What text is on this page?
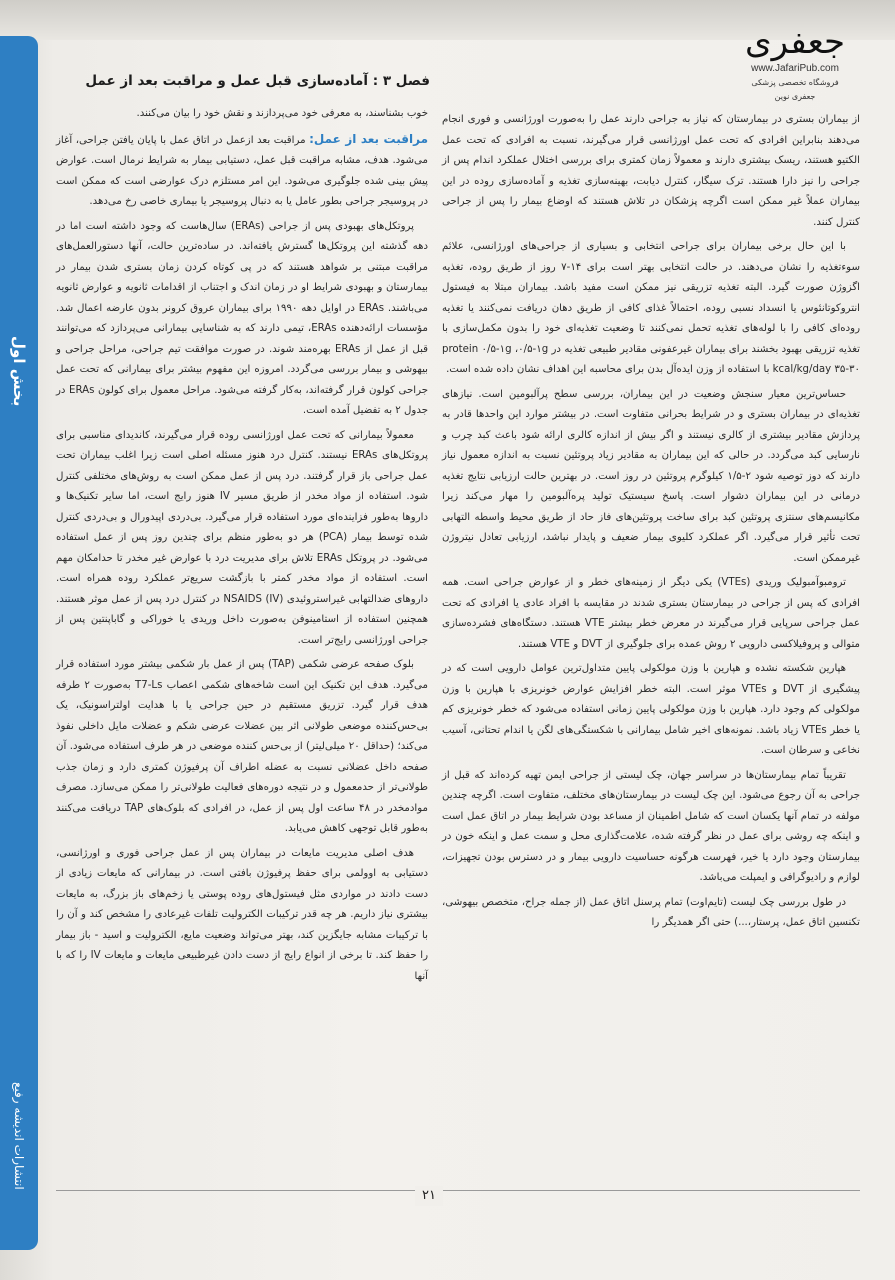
بخش اول
انتشارات اندیشه رفیع
جعفری
www.JafariPub.com
فروشگاه تخصصی پزشکی جعفری نوین
فصل ۳ : آماده‌سازی قبل عمل و مراقبت بعد از عمل

از بیماران بستری در بیمارستان که نیاز به جراحی دارند عمل را به‌صورت اورژانسی و فوری انجام می‌دهند بنابراین افرادی که تحت عمل اورژانسی قرار می‌گیرند، نسبت به افرادی که تحت عمل الکتیو هستند، ریسک بیشتری دارند و معمولاً زمان کمتری برای بررسی اختلال عملکرد اندام پس از جراحی را نیز دارا هستند. ترک سیگار، کنترل دیابت، بهینه‌سازی تغذیه و آماده‌سازی روده در این بیماران عملاً غیر ممکن است اگرچه پزشکان در تلاش هستند که اوضاع بیمار را پس از جراحی کنترل کنند.

با این حال برخی بیماران برای جراحی انتخابی و بسیاری از جراحی‌های اورژانسی، علائم سوءتغذیه را نشان می‌دهند. در حالت انتخابی بهتر است برای ۱۴-۷ روز از طریق روده، تغذیه اگزوژن صورت گیرد. البته تغذیه تزریقی نیز ممکن است مفید باشد. بیماران مبتلا به فیستول انتروکوتانئوس یا انسداد نسبی روده، احتمالاً غذای کافی از طریق دهان دریافت نمی‌کنند یا تغذیه روده‌ای کافی را با لوله‌های تغذیه تحمل نمی‌کنند تا وضعیت تغذیه‌ای خود را بدون مکمل‌سازی با تغذیه تزریقی بهبود بخشند برای بیماران غیرعفونی مقادیر طبیعی تغذیه در protein ۰/۵-۱g ،۰/۵-۱g kcal/kg/day ۳۵-۳۰ با استفاده از وزن ایده‌آل بدن برای محاسبه این اهداف نشان داده شده است.

حساس‌ترین معیار سنجش وضعیت در این بیماران، بررسی سطح پرآلبومین است. نیازهای تغذیه‌ای در بیماران بستری و در شرایط بحرانی متفاوت است. در بیشتر موارد این واحدها قادر به پردازش مقادیر بیشتری از کالری نیستند و اگر بیش از اندازه کالری ارائه شود باعث کبد چرب و نارسایی کبد می‌گردد. در حالی که این بیماران به مقادیر زیاد پروتئین نسبت به اندازه معمول نیاز دارند که دوز توصیه شود ۲-۱/۵ کیلوگرم پروتئین در روز است. در بهترین حالت ارزیابی نتایج تغذیه درمانی در این بیماران دشوار است. پاسخ سیستیک تولید پره‌آلبومین را مهار می‌کند زیرا مکانیسم‌های سنتزی پروتئین کبد برای ساخت پروتئین‌های فاز حاد از طریق محیط واسطه التهابی تحت تأثیر قرار می‌گیرد. اگر عملکرد کلیوی بیمار ضعیف و پایدار نباشد، ارزیابی تعادل نیتروژن غیرممکن است.

ترومبوآمبولیک وریدی (VTEs) یکی دیگر از زمینه‌های خطر و از عوارض جراحی است. همه افرادی که پس از جراحی در بیمارستان بستری شدند در مقایسه با افراد عادی یا افرادی که تحت عمل جراحی سرپایی قرار می‌گیرند در معرض خطر بیشتر VTE هستند. دستگاه‌های فشرده‌سازی متوالی و پروفیلاکسی دارویی ۲ روش عمده برای جلوگیری از DVT و VTE هستند.

هپارین شکسته نشده و هپارین با وزن مولکولی پایین متداول‌ترین عوامل دارویی است که در پیشگیری از DVT و VTEs موثر است. البته خطر افزایش عوارض خونریزی با هپارین با وزن مولکولی کم وجود دارد. هپارین با وزن مولکولی پایین زمانی استفاده می‌شود که خطر خونریزی کم یا خطر VTEs زیاد باشد. نمونه‌های اخیر شامل بیمارانی با شکستگی‌های لگن یا اندام تحتانی، آسیب نخاعی و سرطان است.

تقریباً تمام بیمارستان‌ها در سراسر جهان، چک لیستی از جراحی ایمن تهیه کرده‌اند که قبل از جراحی به آن رجوع می‌شود. این چک لیست در بیمارستان‌های مختلف، متفاوت است. اگرچه چندین مولفه در تمام آنها یکسان است که شامل اطمینان از مساعد بودن شرایط بیمار در اتاق عمل است و اینکه چه روشی برای عمل در نظر گرفته شده، علامت‌گذاری محل و سمت عمل و اینکه خون در بیمارستان وجود دارد یا خیر، فهرست هرگونه حساسیت دارویی بیمار و در دسترس بودن تجهیزات، لوازم و رادیوگرافی و ایمپلت می‌باشد.

در طول بررسی چک لیست (تایم‌اوت) تمام پرسنل اتاق عمل (از جمله جراح، متخصص بیهوشی، تکنسین اتاق عمل، پرستار،...) حتی اگر همدیگر را

خوب بشناسند، به معرفی خود می‌پردازند و نقش خود را بیان می‌کنند.

مراقبت بعد از عمل: مراقبت بعد ازعمل در اتاق عمل با پایان یافتن جراحی، آغاز می‌شود. هدف، مشابه مراقبت قبل عمل، دستیابی بیمار به شرایط نرمال است. عوارض پیش بینی شده جلوگیری می‌شود. این امر مستلزم درک عوارضی است که ممکن است در پروسیجر جراحی بطور عامل یا به دنبال پروسیجر یا بیماری خاصی رخ می‌دهد.

پروتکل‌های بهبودی پس از جراحی (ERAs) سال‌هاست که وجود داشته است اما در دهه گذشته این پروتکل‌ها گسترش یافته‌اند. در ساده‌ترین حالت، آنها دستورالعمل‌های مراقبت مبتنی بر شواهد هستند که در پی کوتاه کردن زمان بستری شدن بیمار در بیمارستان و بهبودی شرایط او در زمان اندک و اجتناب از اقدامات ثانویه و عوارض ثانویه می‌باشند. ERAs در اوایل دهه ۱۹۹۰ برای بیماران عروق کرونر بدون عارضه اعمال شد. مؤسسات ارائه‌دهنده ERAs، تیمی دارند که به شناسایی بیمارانی می‌پردازد که می‌توانند قبل از عمل از ERAs بهره‌مند شوند. در صورت موافقت تیم جراحی، مراحل جراحی و بیهوشی و بیمار بررسی می‌گردد. امروزه این مفهوم بیشتر برای بیمارانی که تحت عمل جراحی کولون قرار گرفته‌اند، به‌کار گرفته می‌شود. مراحل معمول برای کولون ERAs در جدول ۲ به تفضیل آمده است.

معمولاً بیمارانی که تحت عمل اورژانسی روده قرار می‌گیرند، کاندیدای مناسبی برای پروتکل‌های ERAs نیستند. کنترل درد هنوز مسئله اصلی است زیرا اغلب بیماران تحت عمل جراحی باز قرار گرفتند. درد پس از عمل ممکن است به روش‌های مختلفی کنترل شود. استفاده از مواد مخدر از طریق مسیر IV هنوز رایج است، اما سایر تکنیک‌ها و داروها به‌طور فزاینده‌ای مورد استفاده قرار می‌گیرد. بی‌دردی اپیدورال و بی‌دردی کنترل شده توسط بیمار (PCA) هر دو به‌طور منظم برای چندین روز پس از عمل استفاده می‌شود. در پروتکل ERAs تلاش برای مدیریت درد با عوارض غیر مخدر تا حدامکان مهم است. استفاده از مواد مخدر کمتر با بازگشت سریع‌تر عملکرد روده همراه است. داروهای ضدالتهابی غیراستروئیدی (NSAIDS (IV در کنترل درد پس از عمل موثر هستند. همچنین استفاده از استامینوفن به‌صورت داخل وریدی یا خوراکی و گاباپنتین پس از جراحی اورژانسی رایج‌تر است.

بلوک صفحه عرضی شکمی (TAP) پس از عمل بار شکمی بیشتر مورد استفاده قرار می‌گیرد. هدف این تکنیک این است شاخه‌های شکمی اعصاب T7-Ls به‌صورت ۲ طرفه هدف قرار گیرد. تزریق مستقیم در حین جراحی یا با هدایت اولتراسونیک، یک بی‌حس‌کننده موضعی طولانی اثر بین عضلات عرضی شکم و عضلات مایل داخلی نفوذ می‌کند؛ (حداقل ۲۰ میلی‌لیتر) از بی‌حس کننده موضعی در هر طرف استفاده می‌شود. آن صفحه داخل عضلانی نسبت به عضله اطراف آن پرفیوژن کمتری دارد و زمان جذب طولانی‌تر از حدمعمول و در نتیجه دوره‌های فعالیت طولانی‌تر را ممکن می‌سازد. مصرف موادمخدر در ۴۸ ساعت اول پس از عمل، در افرادی که بلوک‌های TAP دریافت می‌کنند به‌طور قابل توجهی کاهش می‌یابد.

هدف اصلی مدیریت مایعات در بیماران پس از عمل جراحی فوری و اورژانسی، دستیابی به اوولمی برای حفظ پرفیوژن بافتی است. در بیمارانی که مایعات زیادی از دست دادند در مواردی مثل فیستول‌های روده پوستی یا زخم‌های باز بزرگ، به مایعات بیشتری نیاز داریم. هر چه قدر ترکیبات الکترولیت تلفات غیرعادی را مشخص کند و آن را با ترکیبات مشابه جایگزین کند، بهتر می‌تواند وضعیت مایع، الکترولیت و اسید - باز بیمار را حفظ کند. تا برخی از انواع رایج از دست دادن غیرطبیعی مایعات و مایعات IV را که با آنها

۲۱
